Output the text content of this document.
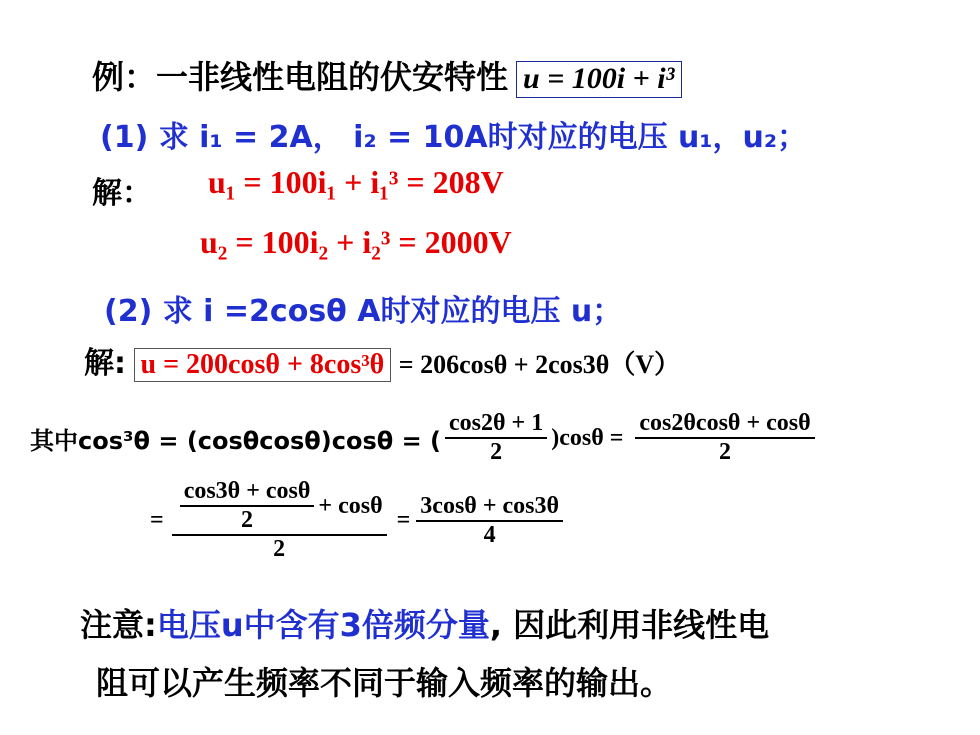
例：一非线性电阻的伏安特性 u = 100i + i³
(1) 求 i₁ = 2A， i₂ = 10A时对应的电压 u₁，u₂；
解： u₁ = 100i₁ + i₁³ = 208V
u₂ = 100i₂ + i₂³ = 2000V
(2) 求 i =2cosθ A时对应的电压 u；
解: u = 200cosθ + 8cos³θ = 206cosθ + 2cos3θ（V）
其中cos³θ = (cosθcosθ)cosθ = ( $\frac{\cos 2\theta + 1}{2} )\cos\theta = \frac{\cos 2\theta\cos\theta + \cos\theta}{2}$
= $\frac{\frac{\cos 3\theta + \cos\theta}{2} + \cos\theta}{2} = \frac{3\cos\theta + \cos 3\theta}{4}$
注意:电压u中含有3倍频分量, 因此利用非线性电
阻可以产生频率不同于输入频率的输出。
